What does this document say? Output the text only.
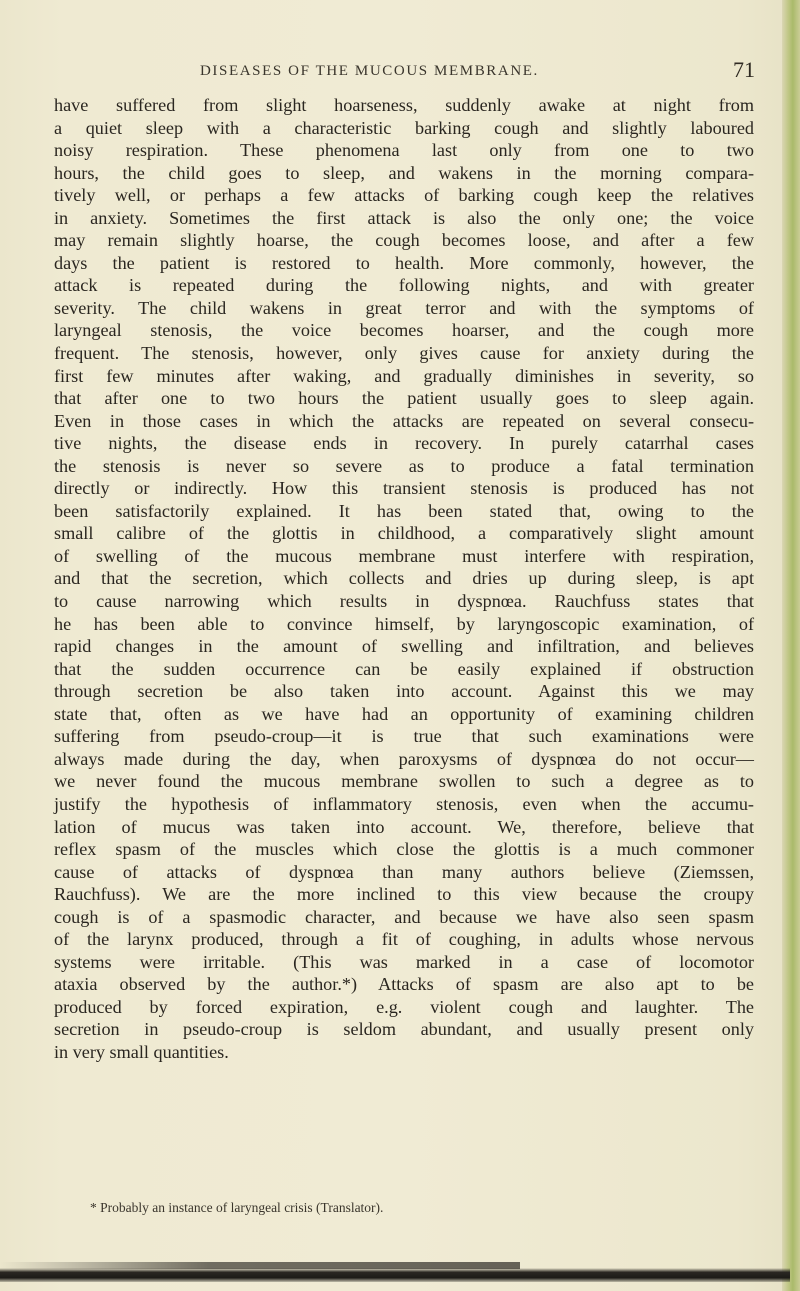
DISEASES OF THE MUCOUS MEMBRANE.	71
have suffered from slight hoarseness, suddenly awake at night from
a quiet sleep with a characteristic barking cough and slightly laboured
noisy respiration. These phenomena last only from one to two
hours, the child goes to sleep, and wakens in the morning compara-
tively well, or perhaps a few attacks of barking cough keep the relatives
in anxiety. Sometimes the first attack is also the only one; the voice
may remain slightly hoarse, the cough becomes loose, and after a few
days the patient is restored to health. More commonly, however, the
attack is repeated during the following nights, and with greater
severity. The child wakens in great terror and with the symptoms of
laryngeal stenosis, the voice becomes hoarser, and the cough more
frequent. The stenosis, however, only gives cause for anxiety during the
first few minutes after waking, and gradually diminishes in severity, so
that after one to two hours the patient usually goes to sleep again.
Even in those cases in which the attacks are repeated on several consecu-
tive nights, the disease ends in recovery. In purely catarrhal cases
the stenosis is never so severe as to produce a fatal termination
directly or indirectly. How this transient stenosis is produced has not
been satisfactorily explained. It has been stated that, owing to the
small calibre of the glottis in childhood, a comparatively slight amount
of swelling of the mucous membrane must interfere with respiration,
and that the secretion, which collects and dries up during sleep, is apt
to cause narrowing which results in dyspnœa. Rauchfuss states that
he has been able to convince himself, by laryngoscopic examination, of
rapid changes in the amount of swelling and infiltration, and believes
that the sudden occurrence can be easily explained if obstruction
through secretion be also taken into account. Against this we may
state that, often as we have had an opportunity of examining children
suffering from pseudo-croup—it is true that such examinations were
always made during the day, when paroxysms of dyspnœa do not occur—
we never found the mucous membrane swollen to such a degree as to
justify the hypothesis of inflammatory stenosis, even when the accumu-
lation of mucus was taken into account. We, therefore, believe that
reflex spasm of the muscles which close the glottis is a much commoner
cause of attacks of dyspnœa than many authors believe (Ziemssen,
Rauchfuss). We are the more inclined to this view because the croupy
cough is of a spasmodic character, and because we have also seen spasm
of the larynx produced, through a fit of coughing, in adults whose nervous
systems were irritable. (This was marked in a case of locomotor
ataxia observed by the author.*) Attacks of spasm are also apt to be
produced by forced expiration, e.g. violent cough and laughter. The
secretion in pseudo-croup is seldom abundant, and usually present only
in very small quantities.
* Probably an instance of laryngeal crisis (Translator).
